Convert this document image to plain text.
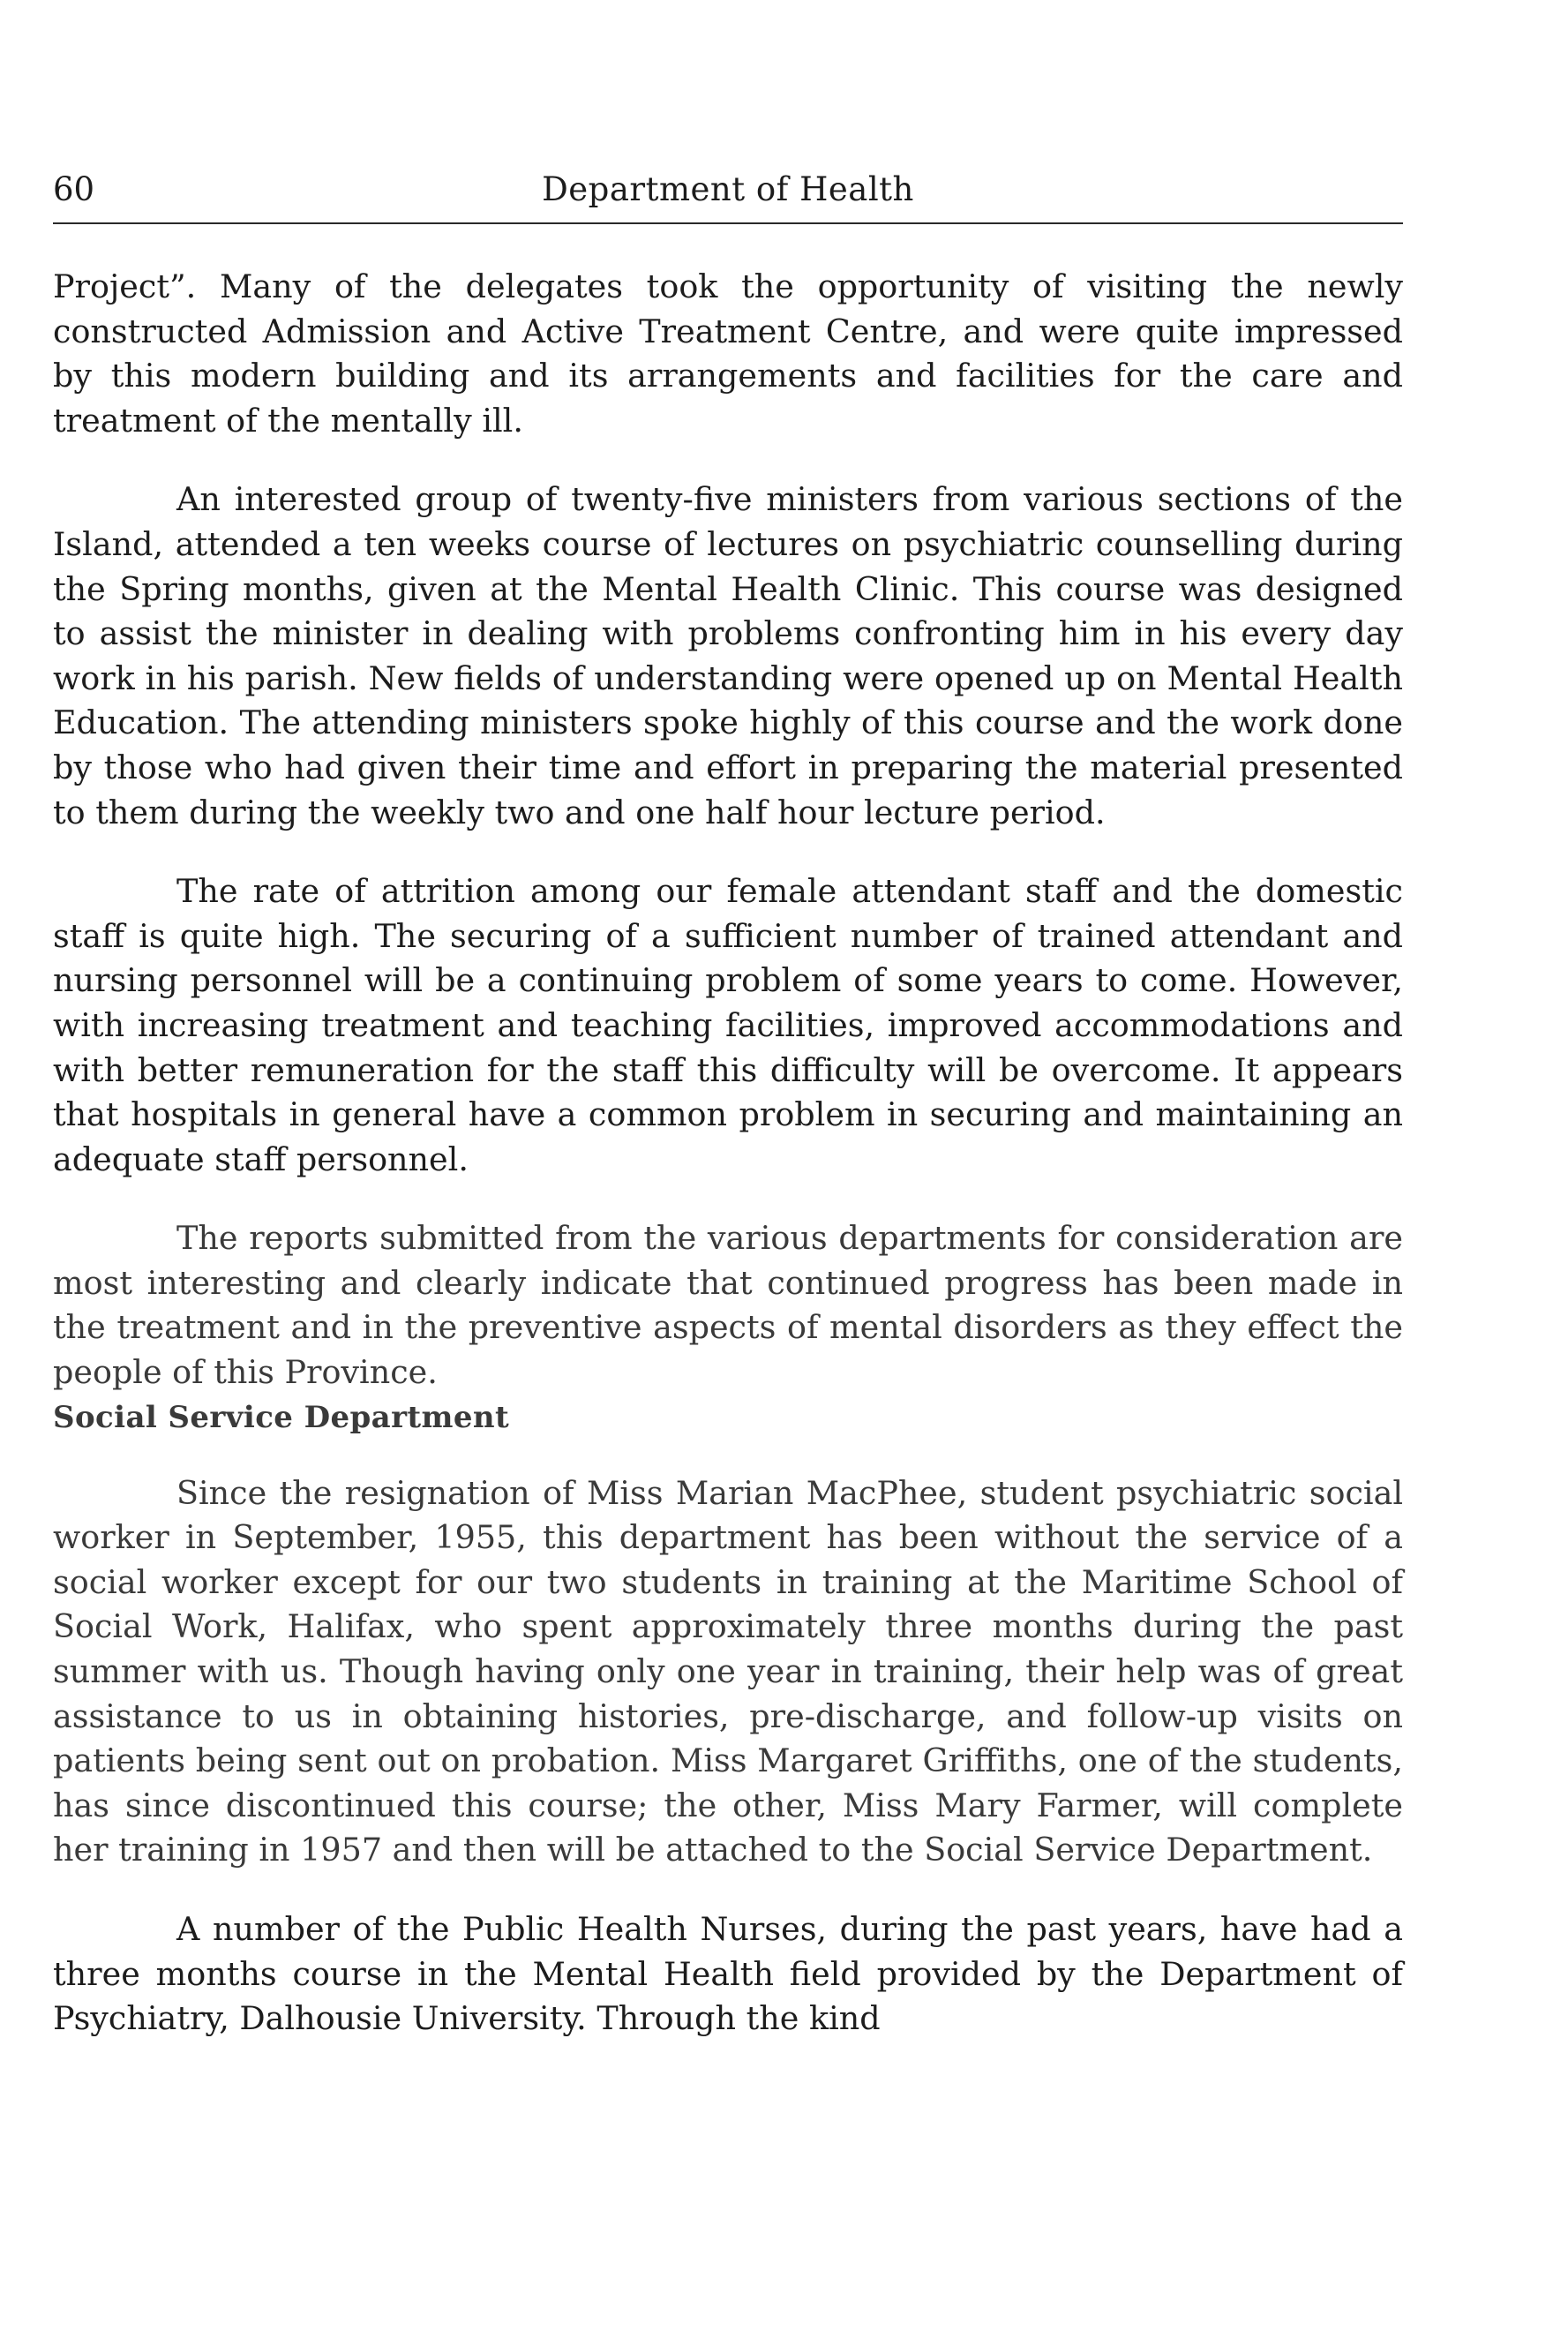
60	Department of Health

Project”. Many of the delegates took the opportunity of visiting the newly constructed Admission and Active Treatment Centre, and were quite impressed by this modern building and its arrangements and facilities for the care and treatment of the mentally ill.

An interested group of twenty-five ministers from various sections of the Island, attended a ten weeks course of lectures on psychiatric counselling during the Spring months, given at the Mental Health Clinic. This course was designed to assist the minister in dealing with problems confronting him in his every day work in his parish. New fields of understanding were opened up on Mental Health Education. The attending ministers spoke highly of this course and the work done by those who had given their time and effort in preparing the material presented to them during the weekly two and one half hour lecture period.

The rate of attrition among our female attendant staff and the domestic staff is quite high. The securing of a sufficient number of trained attendant and nursing personnel will be a continuing problem of some years to come. However, with increasing treatment and teaching facilities, improved accommodations and with better remuneration for the staff this difficulty will be overcome. It appears that hospitals in general have a common problem in securing and maintaining an adequate staff personnel.

The reports submitted from the various departments for consideration are most interesting and clearly indicate that continued progress has been made in the treatment and in the preventive aspects of mental disorders as they effect the people of this Province.

Social Service Department

Since the resignation of Miss Marian MacPhee, student psychiatric social worker in September, 1955, this department has been without the service of a social worker except for our two students in training at the Maritime School of Social Work, Halifax, who spent approximately three months during the past summer with us. Though having only one year in training, their help was of great assistance to us in obtaining histories, pre-discharge, and follow-up visits on patients being sent out on probation. Miss Margaret Griffiths, one of the students, has since discontinued this course; the other, Miss Mary Farmer, will complete her training in 1957 and then will be attached to the Social Service Department.

A number of the Public Health Nurses, during the past years, have had a three months course in the Mental Health field provided by the Department of Psychiatry, Dalhousie University. Through the kind
